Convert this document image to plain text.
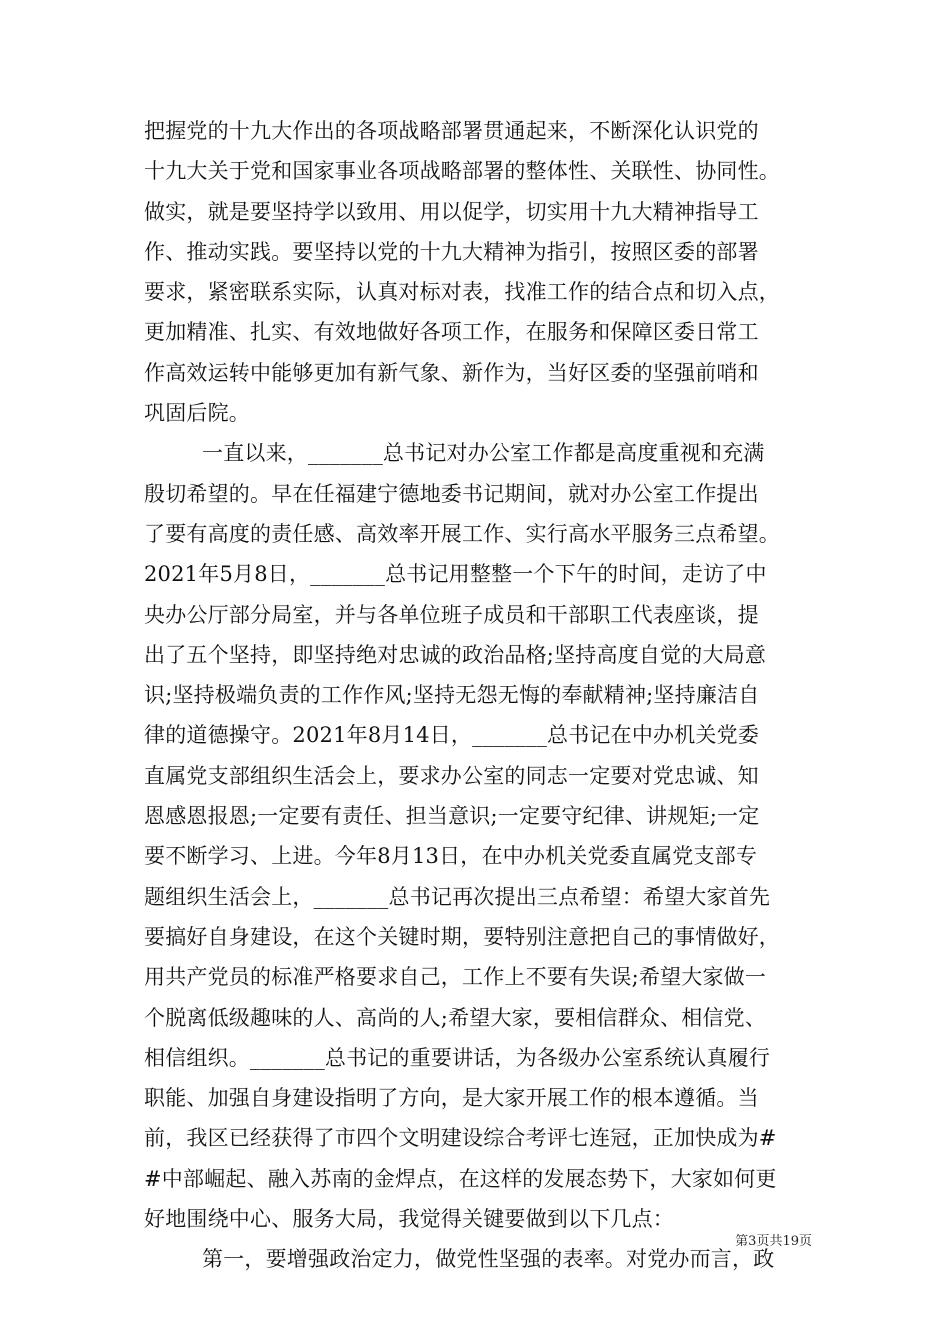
把握党的十九大作出的各项战略部署贯通起来，不断深化认识党的
十九大关于党和国家事业各项战略部署的整体性、关联性、协同性。
做实，就是要坚持学以致用、用以促学，切实用十九大精神指导工
作、推动实践。要坚持以党的十九大精神为指引，按照区委的部署
要求，紧密联系实际，认真对标对表，找准工作的结合点和切入点，
更加精准、扎实、有效地做好各项工作，在服务和保障区委日常工
作高效运转中能够更加有新气象、新作为，当好区委的坚强前哨和
巩固后院。
一直以来，_______总书记对办公室工作都是高度重视和充满
殷切希望的。早在任福建宁德地委书记期间，就对办公室工作提出
了要有高度的责任感、高效率开展工作、实行高水平服务三点希望。
2021年5月8日，_______总书记用整整一个下午的时间，走访了中
央办公厅部分局室，并与各单位班子成员和干部职工代表座谈，提
出了五个坚持，即坚持绝对忠诚的政治品格;坚持高度自觉的大局意
识;坚持极端负责的工作作风;坚持无怨无悔的奉献精神;坚持廉洁自
律的道德操守。2021年8月14日，_______总书记在中办机关党委
直属党支部组织生活会上，要求办公室的同志一定要对党忠诚、知
恩感恩报恩;一定要有责任、担当意识;一定要守纪律、讲规矩;一定
要不断学习、上进。今年8月13日，在中办机关党委直属党支部专
题组织生活会上，_______总书记再次提出三点希望：希望大家首先
要搞好自身建设，在这个关键时期，要特别注意把自己的事情做好，
用共产党员的标准严格要求自己，工作上不要有失误;希望大家做一
个脱离低级趣味的人、高尚的人;希望大家，要相信群众、相信党、
相信组织。_______总书记的重要讲话，为各级办公室系统认真履行
职能、加强自身建设指明了方向，是大家开展工作的根本遵循。当
前，我区已经获得了市四个文明建设综合考评七连冠，正加快成为#
#中部崛起、融入苏南的金焊点，在这样的发展态势下，大家如何更
好地围绕中心、服务大局，我觉得关键要做到以下几点：
第一，要增强政治定力，做党性坚强的表率。对党办而言，政
第3页共19页
